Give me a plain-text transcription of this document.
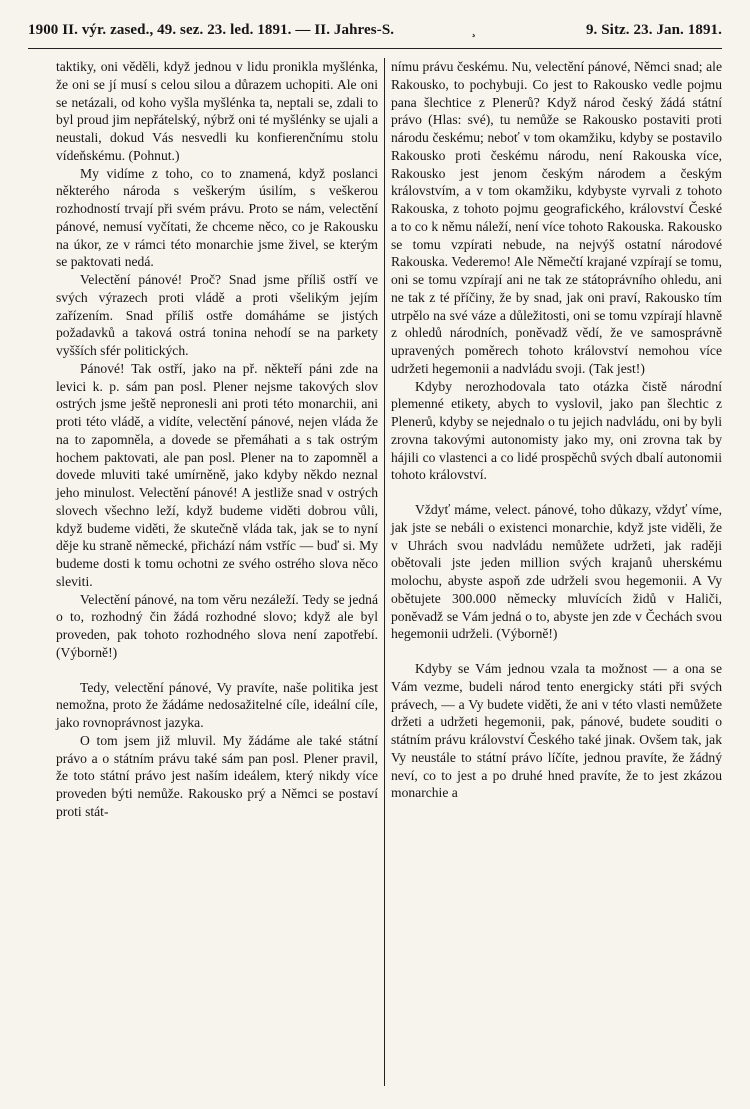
1900 II. výr. zased., 49. sez. 23. led. 1891. — II. Jahres-S.	¸	9. Sitz. 23. Jan. 1891.

taktiky, oni věděli, když jednou v lidu pronikla myšlénka, že oni se jí musí s celou silou a důrazem uchopiti. Ale oni se netázali, od koho vyšla myšlénka ta, neptali se, zdali to byl proud jim nepřátelský, nýbrž oni té myšlénky se ujali a neustali, dokud Vás nesvedli ku konfierenčnímu stolu vídeňskému. (Pohnut.)

My vidíme z toho, co to znamená, když poslanci některého národa s veškerým úsilím, s veškerou rozhodností trvají při svém právu. Proto se nám, velectění pánové, nemusí vyčítati, že chceme něco, co je Rakousku na úkor, ze v rámci této monarchie jsme živel, se kterým se paktovati nedá.

Velectění pánové! Proč? Snad jsme příliš ostří ve svých výrazech proti vládě a proti všelikým jejím zařízením. Snad příliš ostře domáháme se jistých požadavků a taková ostrá tonina nehodí se na parkety vyšších sfér politických.

Pánové! Tak ostří, jako na př. někteří páni zde na levici k. p. sám pan posl. Plener nejsme takových slov ostrých jsme ještě nepronesli ani proti této monarchii, ani proti této vládě, a vidíte, velectění pánové, nejen vláda že na to zapomněla, a dovede se přemáhati a s tak ostrým hochem paktovati, ale pan posl. Plener na to zapomněl a dovede mluviti také umírněně, jako kdyby někdo neznal jeho minulost. Velectění pánové! A jestliže snad v ostrých slovech všechno leží, když budeme viděti dobrou vůli, když budeme viděti, že skutečně vláda tak, jak se to nyní děje ku straně německé, přichází nám vstříc — buď si. My budeme dosti k tomu ochotni ze svého ostrého slova něco sleviti.

Velectění pánové, na tom věru nezáleží. Tedy se jedná o to, rozhodný čin žádá rozhodné slovo; když ale byl proveden, pak tohoto rozhodného slova není zapotřebí. (Výborně!)

Tedy, velectění pánové, Vy pravíte, naše politika jest nemožna, proto že žádáme nedosažitelné cíle, ideální cíle, jako rovnoprávnost jazyka.

O tom jsem již mluvil. My žádáme ale také státní právo a o státním právu také sám pan posl. Plener pravil, že toto státní právo jest naším ideálem, který nikdy více proveden býti nemůže. Rakousko prý a Němci se postaví proti stát-

nímu právu českému. Nu, velectění pánové, Němci snad; ale Rakousko, to pochybuji. Co jest to Rakousko vedle pojmu pana šlechtice z Plenerů? Když národ český žádá státní právo (Hlas: své), tu nemůže se Rakousko postaviti proti národu českému; neboť v tom okamžiku, kdyby se postavilo Rakousko proti českému národu, není Rakouska více, Rakousko jest jenom českým národem a českým královstvím, a v tom okamžiku, kdybyste vyrvali z tohoto Rakouska, z tohoto pojmu geografického, království České a to co k němu náleží, není více tohoto Rakouska. Rakousko se tomu vzpírati nebude, na nejvýš ostatní národové Rakouska. Vederemo! Ale Němečtí krajané vzpírají se tomu, oni se tomu vzpírají ani ne tak ze státoprávního ohledu, ani ne tak z té příčiny, že by snad, jak oni praví, Rakousko tím utrpělo na své váze a důležitosti, oni se tomu vzpírají hlavně z ohledů národních, poněvadž vědí, že ve samosprávně upravených poměrech tohoto království nemohou více udržeti hegemonii a nadvládu svoji. (Tak jest!)

Kdyby nerozhodovala tato otázka čistě národní plemenné etikety, abych to vyslovil, jako pan šlechtic z Plenerů, kdyby se nejednalo o tu jejich nadvládu, oni by byli zrovna takovými autonomisty jako my, oni zrovna tak by hájili co vlastenci a co lidé prospěchů svých dbalí autonomii tohoto království.

Vždyť máme, velect. pánové, toho důkazy, vždyť víme, jak jste se nebáli o existenci monarchie, když jste viděli, že v Uhrách svou nadvládu nemůžete udržeti, jak raději obětovali jste jeden million svých krajanů uherskému molochu, abyste aspoň zde udrželi svou hegemonii. A Vy obětujete 300.000 německy mluvících židů v Haliči, poněvadž se Vám jedná o to, abyste jen zde v Čechách svou hegemonii udrželi. (Výborně!)

Kdyby se Vám jednou vzala ta možnost — a ona se Vám vezme, budeli národ tento energicky státi při svých právech, — a Vy budete viděti, že ani v této vlasti nemůžete držeti a udržeti hegemonii, pak, pánové, budete souditi o státním právu království Českého také jinak. Ovšem tak, jak Vy neustále to státní právo líčíte, jednou pravíte, že žádný neví, co to jest a po druhé hned pravíte, že to jest zkázou monarchie a
